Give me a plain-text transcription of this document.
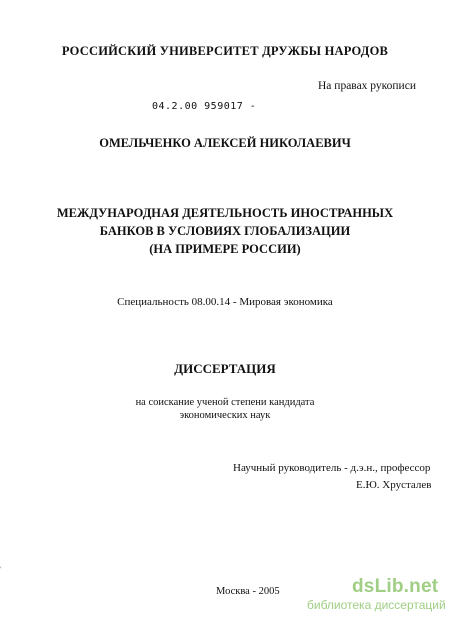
РОССИЙСКИЙ УНИВЕРСИТЕТ ДРУЖБЫ НАРОДОВ
На правах рукописи
04.2.00 959017 -
ОМЕЛЬЧЕНКО АЛЕКСЕЙ НИКОЛАЕВИЧ
МЕЖДУНАРОДНАЯ ДЕЯТЕЛЬНОСТЬ ИНОСТРАННЫХ
БАНКОВ В УСЛОВИЯХ ГЛОБАЛИЗАЦИИ
(НА ПРИМЕРЕ РОССИИ)
Специальность 08.00.14 - Мировая экономика
ДИССЕРТАЦИЯ
на соискание ученой степени кандидата
экономических наук
Научный руководитель - д.э.н., профессор
Е.Ю. Хрусталев
'
Москва - 2005	dsLib.net
библиотека диссертаций
